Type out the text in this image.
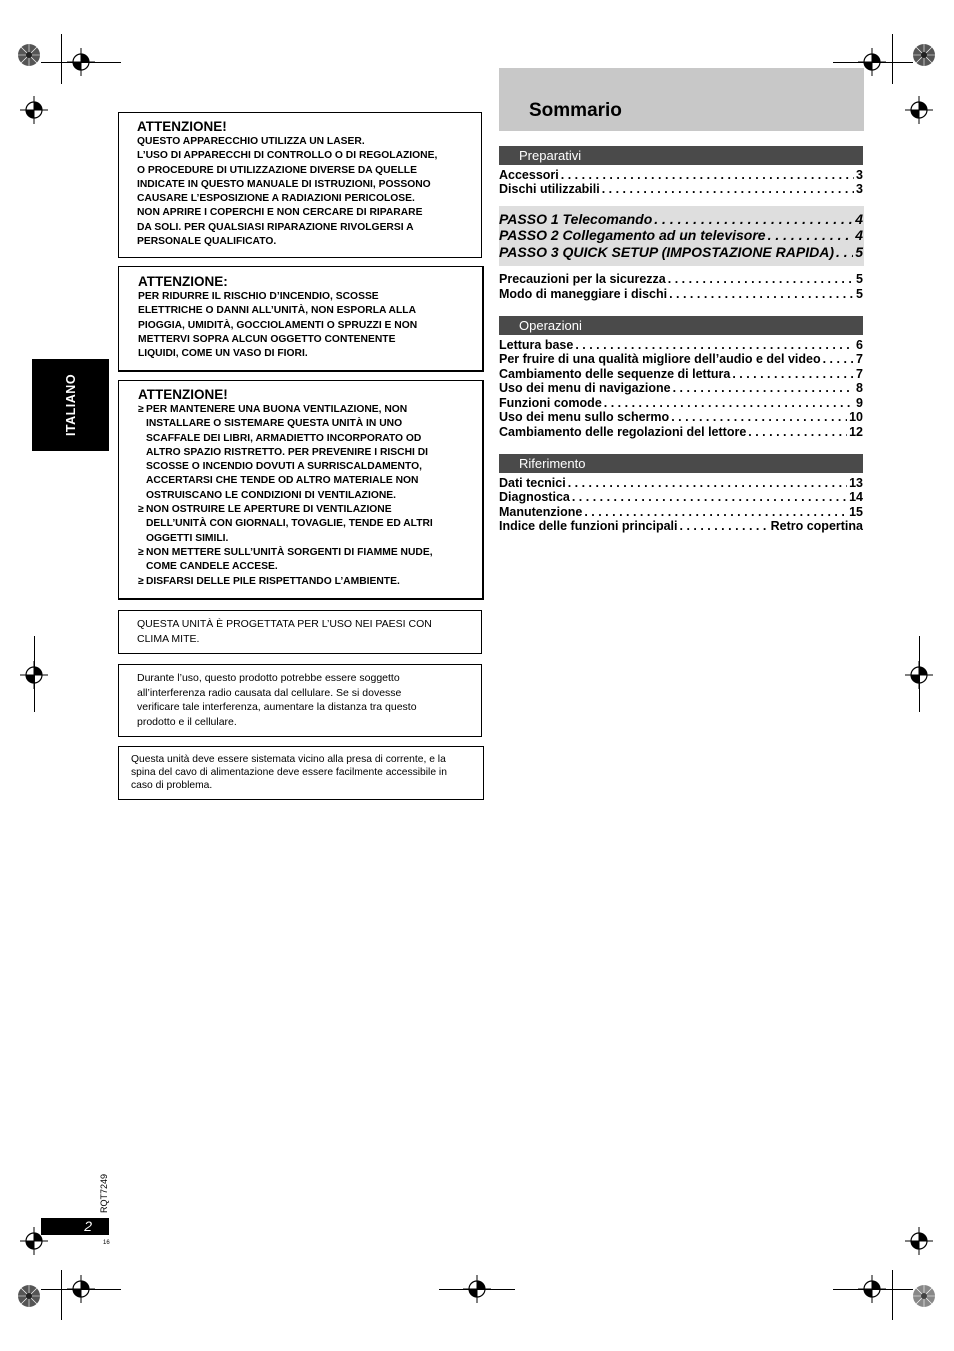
ATTENZIONE!

QUESTO APPARECCHIO UTILIZZA UN LASER.

L’USO DI APPARECCHI DI CONTROLLO O DI REGOLAZIONE,

O PROCEDURE DI UTILIZZAZIONE DIVERSE DA QUELLE

INDICATE IN QUESTO MANUALE DI ISTRUZIONI, POSSONO

CAUSARE L’ESPOSIZIONE A RADIAZIONI PERICOLOSE.

NON APRIRE I COPERCHI E NON CERCARE DI RIPARARE

DA SOLI. PER QUALSIASI RIPARAZIONE RIVOLGERSI A

PERSONALE QUALIFICATO.

ATTENZIONE:

PER RIDURRE IL RISCHIO D’INCENDIO, SCOSSE

ELETTRICHE O DANNI ALL’UNITÀ, NON ESPORLA ALLA

PIOGGIA, UMIDITÀ, GOCCIOLAMENTI O SPRUZZI E NON

METTERVI SOPRA ALCUN OGGETTO CONTENENTE

LIQUIDI, COME UN VASO DI FIORI.

ATTENZIONE!
≥ PER MANTENERE UNA BUONA VENTILAZIONE, NON

INSTALLARE O SISTEMARE QUESTA UNITÀ IN UNO

SCAFFALE DEI LIBRI, ARMADIETTO INCORPORATO OD

ALTRO SPAZIO RISTRETTO. PER PREVENIRE I RISCHI DI

SCOSSE O INCENDIO DOVUTI A SURRISCALDAMENTO,

ACCERTARSI CHE TENDE OD ALTRO MATERIALE NON

OSTRUISCANO LE CONDIZIONI DI VENTILAZIONE.

≥ NON OSTRUIRE LE APERTURE DI VENTILAZIONE

DELL’UNITÀ CON GIORNALI, TOVAGLIE, TENDE ED ALTRI

OGGETTI SIMILI.

≥ NON METTERE SULL’UNITÀ SORGENTI DI FIAMME NUDE,

COME CANDELE ACCESE.

≥ DISFARSI DELLE PILE RISPETTANDO L’AMBIENTE.

QUESTA UNITÀ È PROGETTATA PER L’USO NEI PAESI CON
CLIMA MITE.
Durante l’uso, questo prodotto potrebbe essere soggetto
all’interferenza radio causata dal cellulare. Se si dovesse
verificare tale interferenza, aumentare la distanza tra questo
prodotto e il cellulare.
Questa unità deve essere sistemata vicino alla presa di corrente, e la
spina del cavo di alimentazione deve essere facilmente accessibile in
caso di problema.
ITALIANO
Sommario
Preparativi
Accessori . . .	3
Dischi utilizzabili . . .	3
PASSO 1 Telecomando . . .	4
PASSO 2 Collegamento ad un televisore . . .	4
PASSO 3 QUICK SETUP (IMPOSTAZIONE RAPIDA) . . . 5
Precauzioni per la sicurezza . . .	5
Modo di maneggiare i dischi . . .	5
Operazioni
Lettura base . . .	6
Per fruire di una qualità migliore dell’audio e del video . . .	7
Cambiamento delle sequenze di lettura . . .	7
Uso dei menu di navigazione . . .	8
Funzioni comode . . .	9
Uso dei menu sullo schermo . . .	10
Cambiamento delle regolazioni del lettore . . .	12
Riferimento
Dati tecnici . . .	13
Diagnostica . . .	14
Manutenzione . . .	15
Indice delle funzioni principali . . .	Retro copertina
RQT7249
2
16
